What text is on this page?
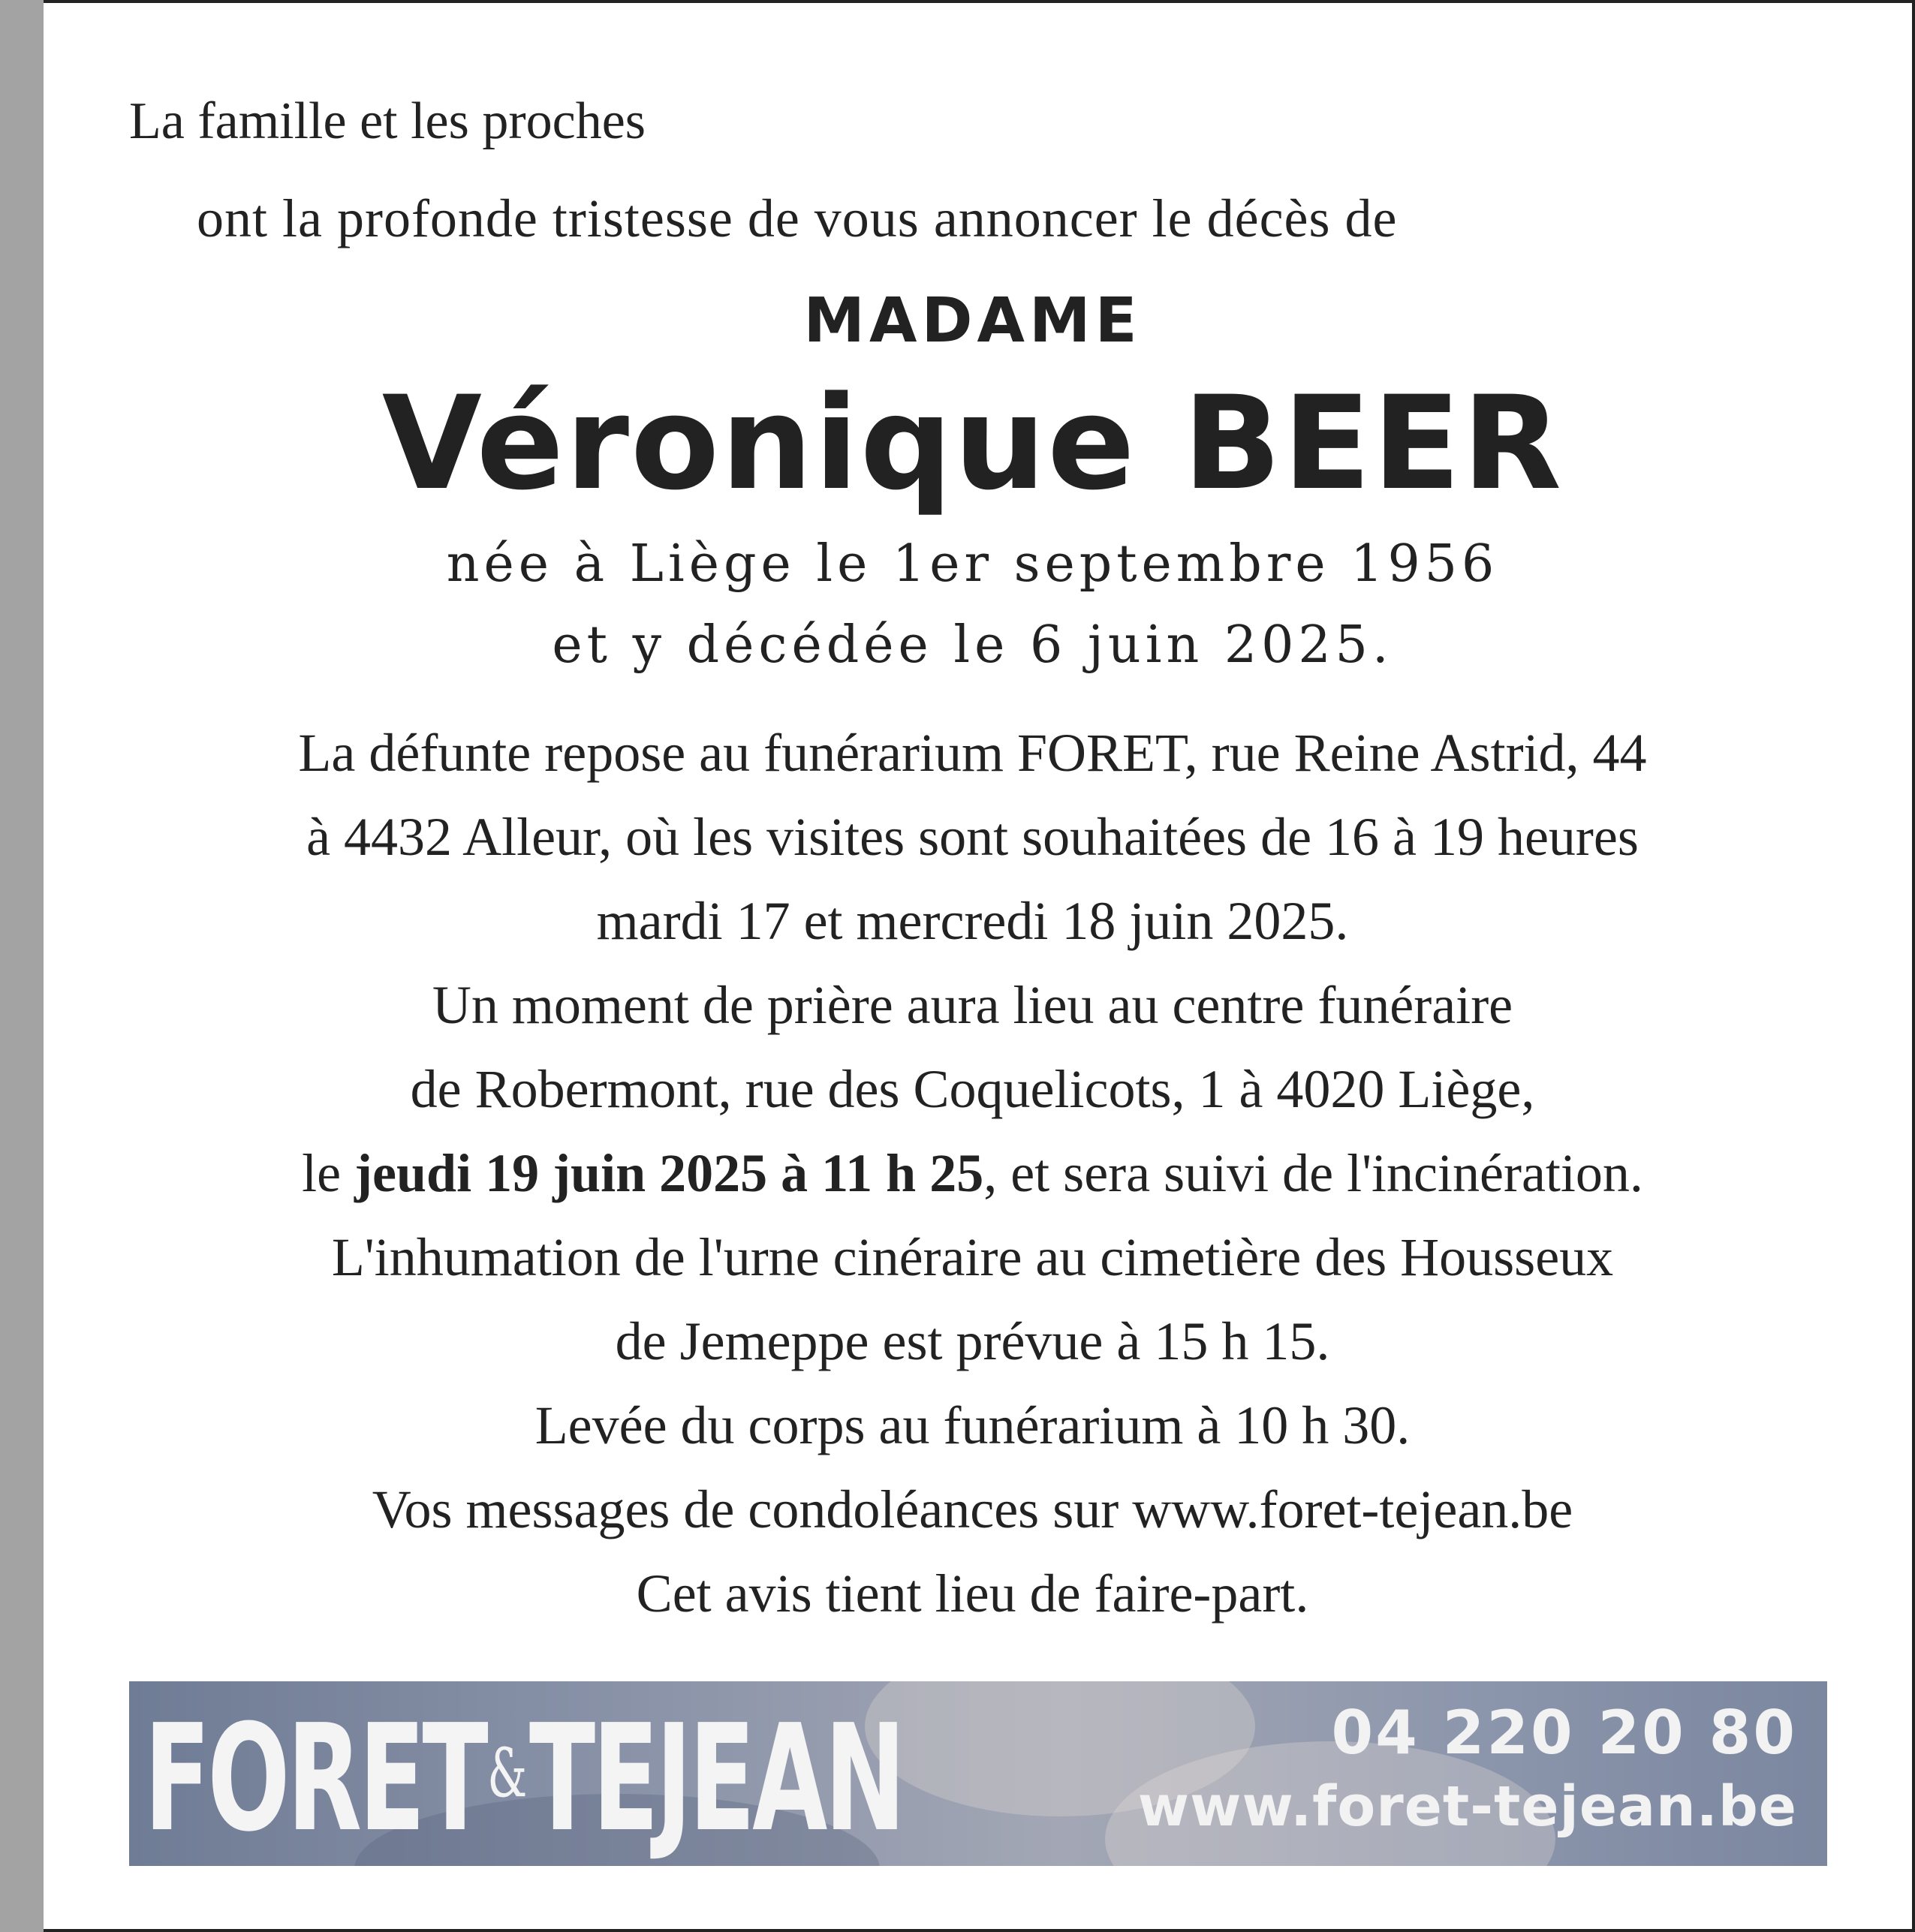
La famille et les proches
ont la profonde tristesse de vous annoncer le décès de
MADAME
Véronique BEER
née à Liège le 1er septembre 1956
et y décédée le 6 juin 2025.
La défunte repose au funérarium FORET, rue Reine Astrid, 44
à 4432 Alleur, où les visites sont souhaitées de 16 à 19 heures
mardi 17 et mercredi 18 juin 2025.
Un moment de prière aura lieu au centre funéraire
de Robermont, rue des Coquelicots, 1 à 4020 Liège,
le jeudi 19 juin 2025 à 11 h 25, et sera suivi de l'incinération.
L'inhumation de l'urne cinéraire au cimetière des Housseux
de Jemeppe est prévue à 15 h 15.
Levée du corps au funérarium à 10 h 30.
Vos messages de condoléances sur www.foret-tejean.be
Cet avis tient lieu de faire-part.
FORET & TEJEAN	04 220 20 80
www.foret-tejean.be
